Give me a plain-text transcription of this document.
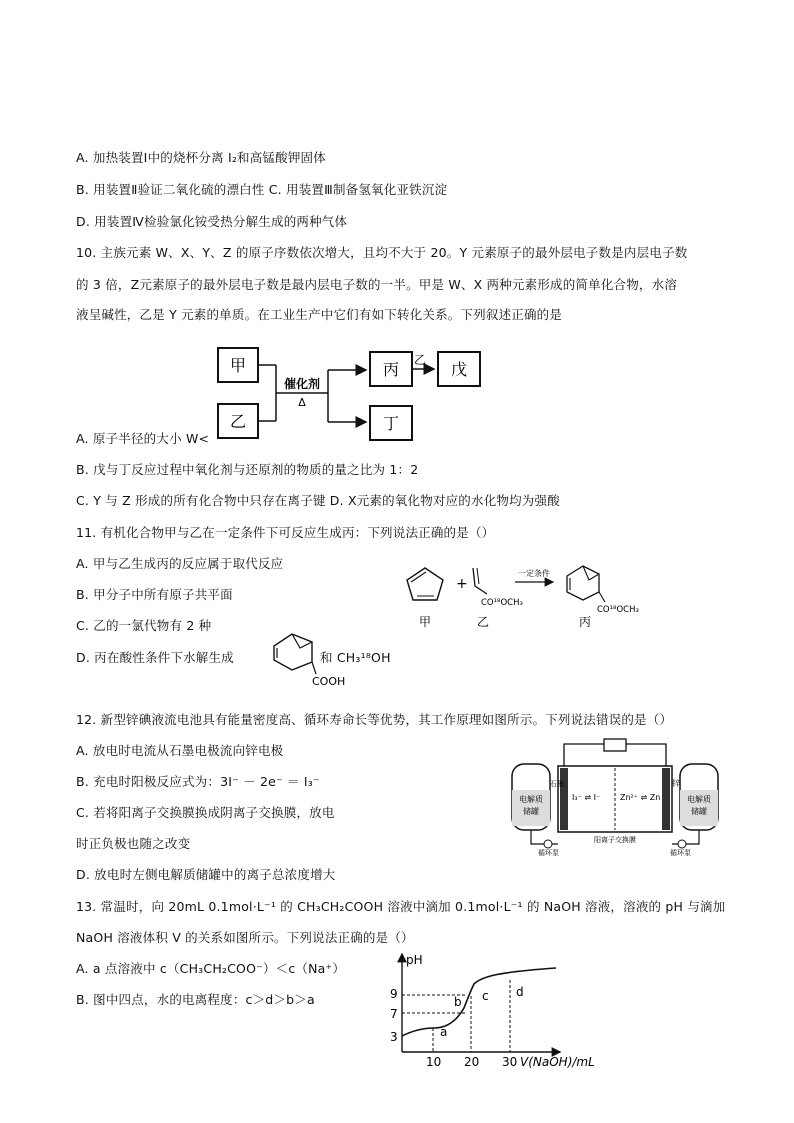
A. 加热装置Ⅰ中的烧杯分离 I₂和高锰酸钾固体
B. 用装置Ⅱ验证二氧化硫的漂白性 C. 用装置Ⅲ制备氢氧化亚铁沉淀
D. 用装置Ⅳ检验氯化铵受热分解生成的两种气体
10. 主族元素 W、X、Y、Z 的原子序数依次增大，且均不大于 20。Y 元素原子的最外层电子数是内层电子数
的 3 倍，Z元素原子的最外层电子数是最内层电子数的一半。甲是 W、X 两种元素形成的简单化合物，水溶
液呈碱性，乙是 Y 元素的单质。在工业生产中它们有如下转化关系。下列叙述正确的是
甲
乙
催化剂
Δ
丙
丁
乙 戊
A. 原子半径的大小 W<
B. 戊与丁反应过程中氧化剂与还原剂的物质的量之比为 1：2
C. Y 与 Z 形成的所有化合物中只存在离子键 D. X元素的氧化物对应的水化物均为强酸
11. 有机化合物甲与乙在一定条件下可反应生成丙：下列说法正确的是（）
A. 甲与乙生成丙的反应属于取代反应
B. 甲分子中所有原子共平面
C. 乙的一氯代物有 2 种
D. 丙在酸性条件下水解生成	和 CH₃¹⁸OH
COOH
+
CO¹⁸OCH₃
一定条件
CO¹⁸OCH₃
甲	乙	丙
12. 新型锌碘液流电池具有能量密度高、循环寿命长等优势，其工作原理如图所示。下列说法错误的是（）
A. 放电时电流从石墨电极流向锌电极
B. 充电时阳极反应式为：3I⁻ － 2e⁻ ＝ I₃⁻
C. 若将阳离子交换膜换成阴离子交换膜，放电
时正负极也随之改变
D. 放电时左侧电解质储罐中的离子总浓度增大
电解质
储罐
电解质
储罐
I₃⁻ ⇌ I⁻ Zn²⁺ ⇌ Zn
石墨	锌
循环泵	循环泵
阳离子交换膜
13. 常温时，向 20mL 0.1mol·L⁻¹ 的 CH₃CH₂COOH 溶液中滴加 0.1mol·L⁻¹ 的 NaOH 溶液，溶液的 pH 与滴加
NaOH 溶液体积 V 的关系如图所示。下列说法正确的是（）
A. a 点溶液中 c（CH₃CH₂COO⁻）＜c（Na⁺）
B. 图中四点，水的电离程度：c＞d＞b＞a
pH
V(NaOH)/mL
3
7
9
10 20 30
a
b c d
